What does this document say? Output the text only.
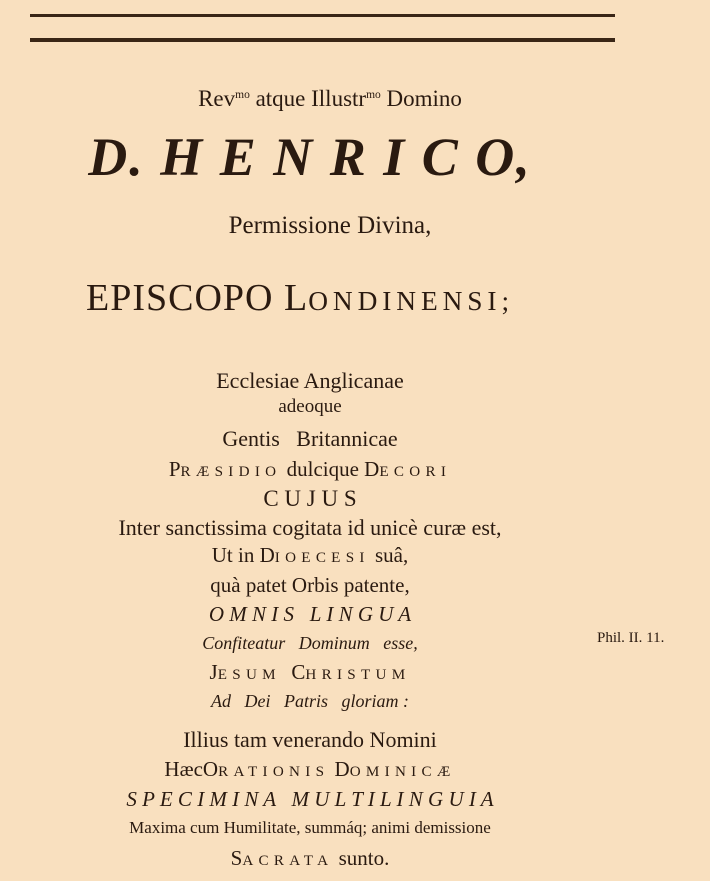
Rev$^{mo}$ atque Illustr$^{mo}$ Domino
D. H E N R I C O,
Permissione Divina,
EPISCOPO LONDINENSI;
Ecclesiae Anglicanae
adeoque
Gentis   Britannicae
PRÆSIDIO dulcique DECORI
C U J U S
Inter sanctissima cogitata id unicè curæ est,
Ut in DIOECESI suâ,
quà patet Orbis patente,
O M N I S   L I N G U A
Confiteatur   Dominum   esse,
JESUM  CHRISTUM
Ad   Dei   Patris   gloriam :
Illius tam venerando Nomini
HæcORATIONIS DOMINICÆ
S P E C I M I N A   M U L T I L I N G U I A
Maxima cum Humilitate, summáq; animi demissione
SACRATA sunto.
Phil. II. 11.
